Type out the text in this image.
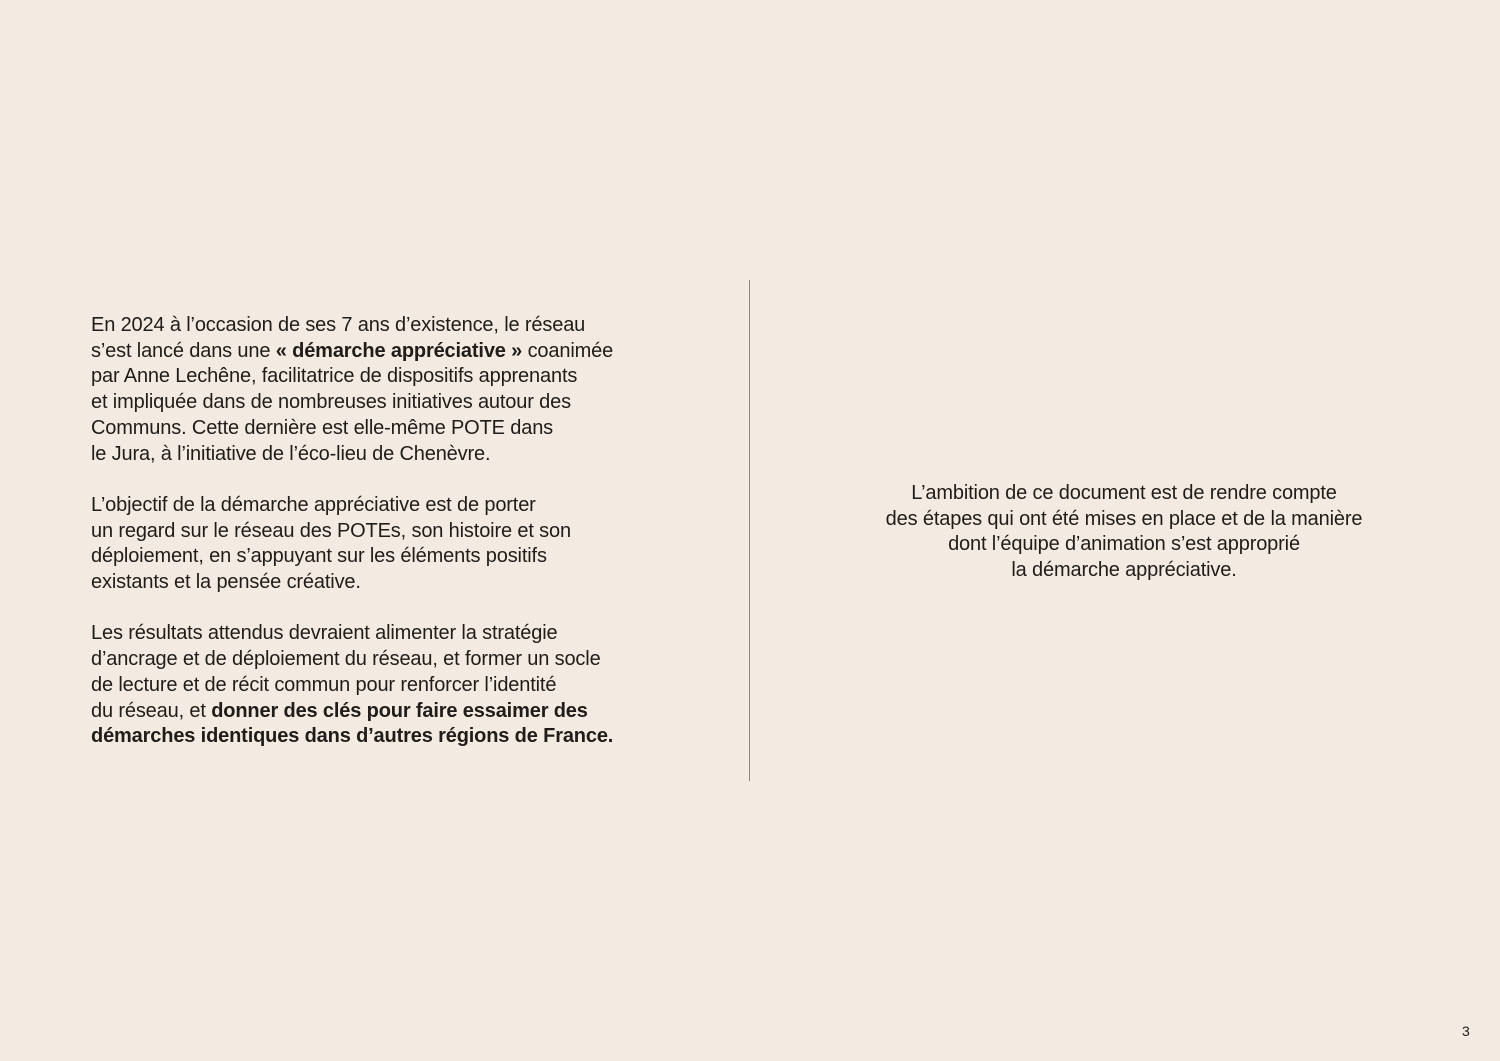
En 2024 à l’occasion de ses 7 ans d’existence, le réseau
s’est lancé dans une « démarche appréciative » coanimée
par Anne Lechêne, facilitatrice de dispositifs apprenants
et impliquée dans de nombreuses initiatives autour des
Communs. Cette dernière est elle-même POTE dans
le Jura, à l’initiative de l’éco-lieu de Chenèvre.

L’objectif de la démarche appréciative est de porter
un regard sur le réseau des POTEs, son histoire et son
déploiement, en s’appuyant sur les éléments positifs
existants et la pensée créative.

Les résultats attendus devraient alimenter la stratégie
d’ancrage et de déploiement du réseau, et former un socle
de lecture et de récit commun pour renforcer l’identité
du réseau, et donner des clés pour faire essaimer des
démarches identiques dans d’autres régions de France.

L’ambition de ce document est de rendre compte
des étapes qui ont été mises en place et de la manière
dont l’équipe d’animation s’est approprié
la démarche appréciative.
3
